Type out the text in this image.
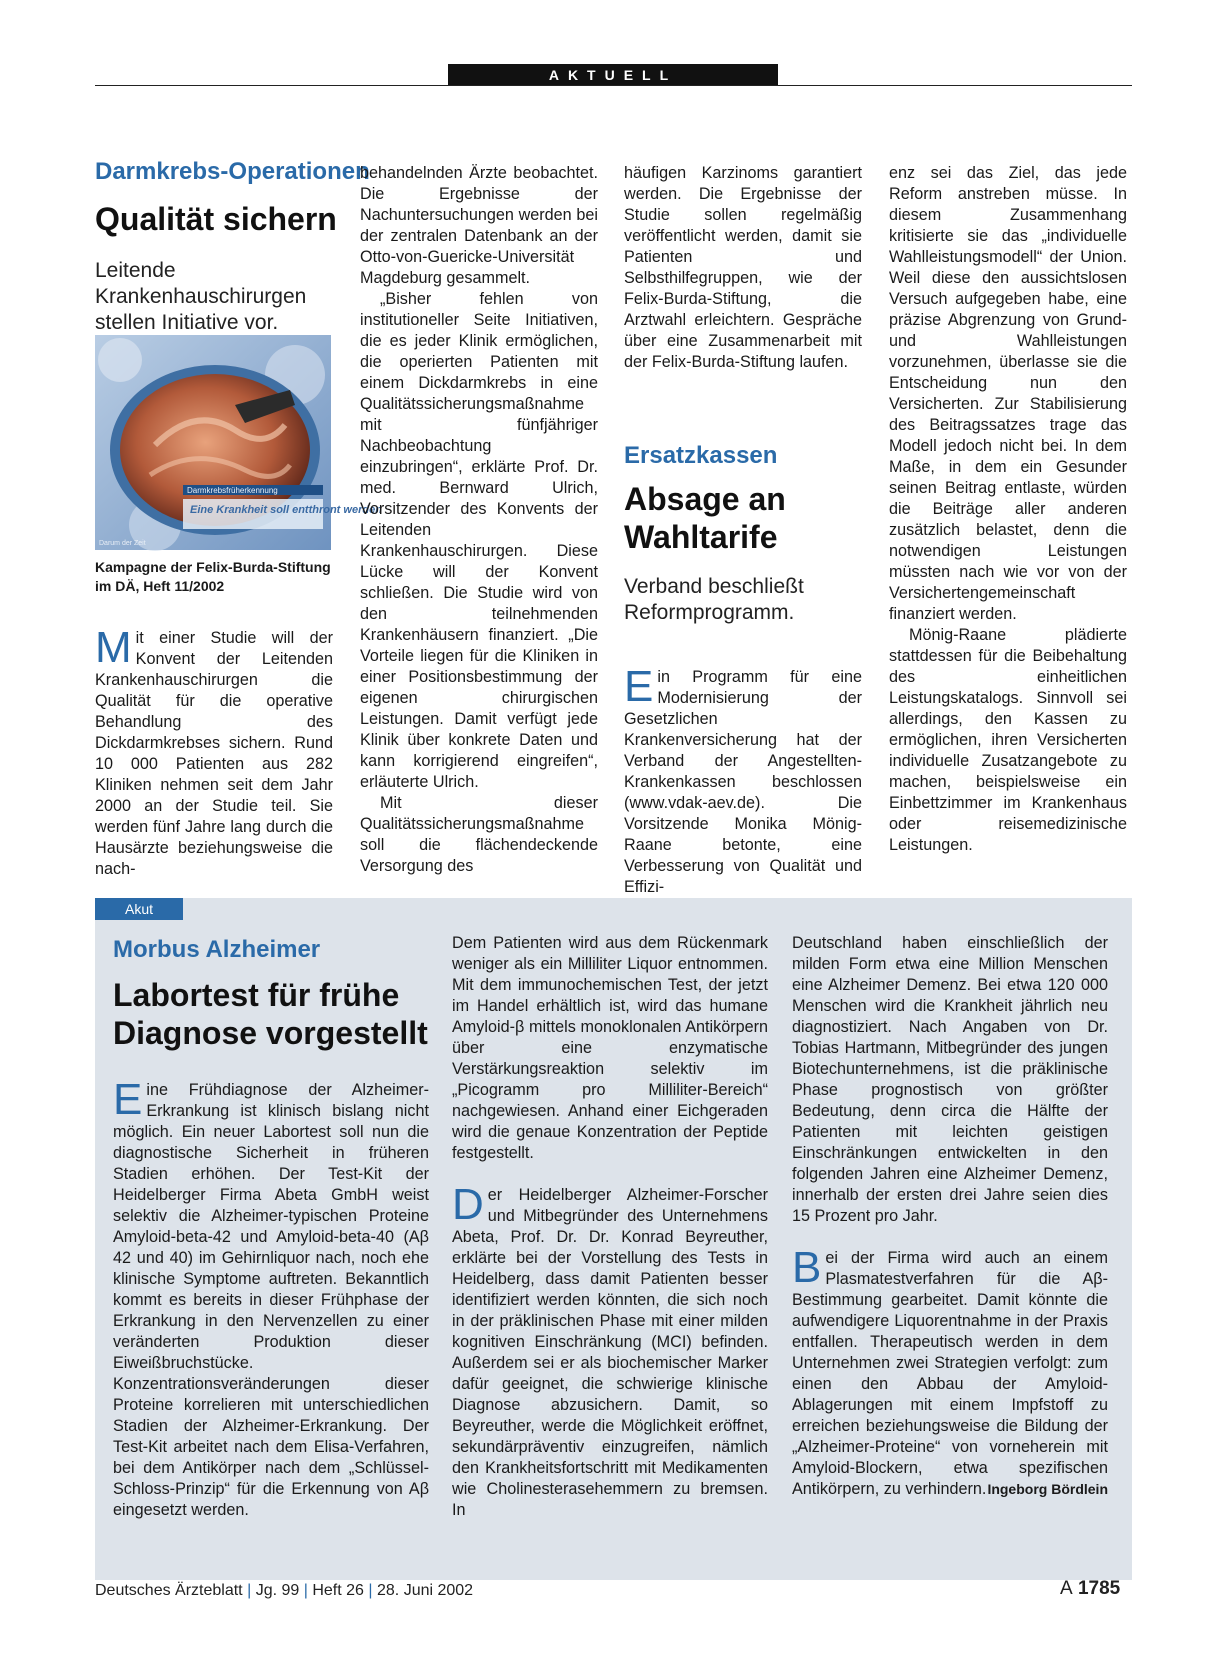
AKTUELL
Darmkrebs-Operationen
Qualität sichern
Leitende Krankenhauschirurgen stellen Initiative vor.
Darmkrebsfrüherkennung
Eine Krankheit soll entthront werden
Darum der Zeit
Kampagne der Felix-Burda-Stiftung im DÄ, Heft 11/2002
M it einer Studie will der Konvent der Leitenden Krankenhauschirurgen die Qualität für die operative Behandlung des Dickdarmkrebses sichern. Rund 10 000 Patienten aus 282 Kliniken nehmen seit dem Jahr 2000 an der Studie teil. Sie werden fünf Jahre lang durch die Hausärzte beziehungsweise die nach-

behandelnden Ärzte beobachtet. Die Ergebnisse der Nachuntersuchungen werden bei der zentralen Datenbank an der Otto-von-Guericke-Universität Magdeburg gesammelt.

„Bisher fehlen von institutioneller Seite Initiativen, die es jeder Klinik ermöglichen, die operierten Patienten mit einem Dickdarmkrebs in eine Qualitätssicherungsmaßnahme mit fünfjähriger Nachbeobachtung einzubringen“, erklärte Prof. Dr. med. Bernward Ulrich, Vorsitzender des Konvents der Leitenden Krankenhauschirurgen. Diese Lücke will der Konvent schließen. Die Studie wird von den teilnehmenden Krankenhäusern finanziert. „Die Vorteile liegen für die Kliniken in einer Positionsbestimmung der eigenen chirurgischen Leistungen. Damit verfügt jede Klinik über konkrete Daten und kann korrigierend eingreifen“, erläuterte Ulrich.

Mit dieser Qualitätssicherungsmaßnahme soll die flächendeckende Versorgung des

häufigen Karzinoms garantiert werden. Die Ergebnisse der Studie sollen regelmäßig veröffentlicht werden, damit sie Patienten und Selbsthilfegruppen, wie der Felix-Burda-Stiftung, die Arztwahl erleichtern. Gespräche über eine Zusammenarbeit mit der Felix-Burda-Stiftung laufen.

Ersatzkassen
Absage an
Wahltarife
Verband beschließt Reformprogramm.
E in Programm für eine Modernisierung der Gesetzlichen Krankenversicherung hat der Verband der Angestellten-Krankenkassen beschlossen (www.vdak-aev.de). Die Vorsitzende Monika Mönig-Raane betonte, eine Verbesserung von Qualität und Effizi-

enz sei das Ziel, das jede Reform anstreben müsse. In diesem Zusammenhang kritisierte sie das „individuelle Wahlleistungsmodell“ der Union. Weil diese den aussichtslosen Versuch aufgegeben habe, eine präzise Abgrenzung von Grund- und Wahlleistungen vorzunehmen, überlasse sie die Entscheidung nun den Versicherten. Zur Stabilisierung des Beitragssatzes trage das Modell jedoch nicht bei. In dem Maße, in dem ein Gesunder seinen Beitrag entlaste, würden die Beiträge aller anderen zusätzlich belastet, denn die notwendigen Leistungen müssten nach wie vor von der Versichertengemeinschaft finanziert werden.

Mönig-Raane plädierte stattdessen für die Beibehaltung des einheitlichen Leistungskatalogs. Sinnvoll sei allerdings, den Kassen zu ermöglichen, ihren Versicherten individuelle Zusatzangebote zu machen, beispielsweise ein Einbettzimmer im Krankenhaus oder reisemedizinische Leistungen.

Akut
Morbus Alzheimer
Labortest für frühe
Diagnose vorgestellt
E ine Frühdiagnose der Alzheimer-Erkrankung ist klinisch bislang nicht möglich. Ein neuer Labortest soll nun die diagnostische Sicherheit in früheren Stadien erhöhen. Der Test-Kit der Heidelberger Firma Abeta GmbH weist selektiv die Alzheimer-typischen Proteine Amyloid-beta-42 und Amyloid-beta-40 (Aβ 42 und 40) im Gehirnliquor nach, noch ehe klinische Symptome auftreten. Bekanntlich kommt es bereits in dieser Frühphase der Erkrankung in den Nervenzellen zu einer veränderten Produktion dieser Eiweißbruchstücke. Konzentrationsveränderungen dieser Proteine korrelieren mit unterschiedlichen Stadien der Alzheimer-Erkrankung. Der Test-Kit arbeitet nach dem Elisa-Verfahren, bei dem Antikörper nach dem „Schlüssel-Schloss-Prinzip“ für die Erkennung von Aβ eingesetzt werden.

Dem Patienten wird aus dem Rückenmark weniger als ein Milliliter Liquor entnommen. Mit dem immunochemischen Test, der jetzt im Handel erhältlich ist, wird das humane Amyloid-β mittels monoklonalen Antikörpern über eine enzymatische Verstärkungsreaktion selektiv im „Picogramm pro Milliliter-Bereich“ nachgewiesen. Anhand einer Eichgeraden wird die genaue Konzentration der Peptide festgestellt.

D er Heidelberger Alzheimer-Forscher und Mitbegründer des Unternehmens Abeta, Prof. Dr. Dr. Konrad Beyreuther, erklärte bei der Vorstellung des Tests in Heidelberg, dass damit Patienten besser identifiziert werden könnten, die sich noch in der präklinischen Phase mit einer milden kognitiven Einschränkung (MCI) befinden. Außerdem sei er als biochemischer Marker dafür geeignet, die schwierige klinische Diagnose abzusichern. Damit, so Beyreuther, werde die Möglichkeit eröffnet, sekundärpräventiv einzugreifen, nämlich den Krankheitsfortschritt mit Medikamenten wie Cholinesterasehemmern zu bremsen. In

Deutschland haben einschließlich der milden Form etwa eine Million Menschen eine Alzheimer Demenz. Bei etwa 120 000 Menschen wird die Krankheit jährlich neu diagnostiziert. Nach Angaben von Dr. Tobias Hartmann, Mitbegründer des jungen Biotechunternehmens, ist die präklinische Phase prognostisch von größter Bedeutung, denn circa die Hälfte der Patienten mit leichten geistigen Einschränkungen entwickelten in den folgenden Jahren eine Alzheimer Demenz, innerhalb der ersten drei Jahre seien dies 15 Prozent pro Jahr.

B ei der Firma wird auch an einem Plasmatestverfahren für die Aβ-Bestimmung gearbeitet. Damit könnte die aufwendigere Liquorentnahme in der Praxis entfallen. Therapeutisch werden in dem Unternehmen zwei Strategien verfolgt: zum einen den Abbau der Amyloid-Ablagerungen mit einem Impfstoff zu erreichen beziehungsweise die Bildung der „Alzheimer-Proteine“ von vorneherein mit Amyloid-Blockern, etwa spezifischen Antikörpern, zu verhindern. Ingeborg Bördlein

Deutsches Ärzteblatt | Jg. 99 | Heft 26 | 28. Juni 2002	A 1785
